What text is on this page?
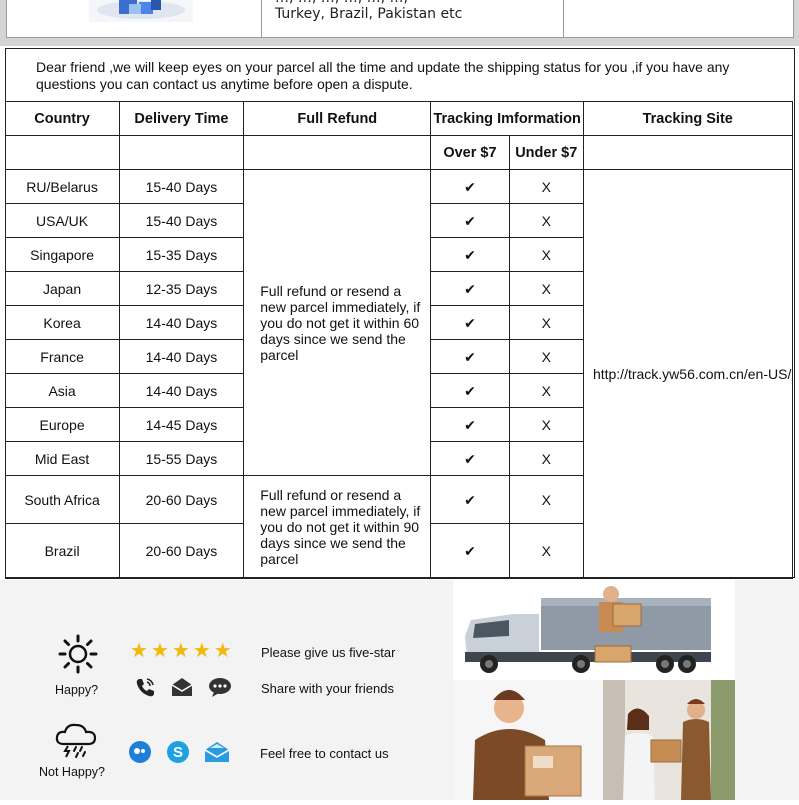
Turkey, Brazil, Pakistan etc
Dear friend ,we will keep eyes on your parcel all the time and update the shipping status for you ,if you have any questions you can contact us anytime before open a dispute.
Country	Delivery Time	Full Refund	Tracking Imformation		Tracking Site
			Over $7	Under $7	
RU/Belarus	15-40 Days	Full refund or resend a new parcel immediately, if you do not get it within 60 days since we send the parcel	✔	X	http://track.yw56.com.cn/en-US/
USA/UK	15-40 Days		✔	X	
Singapore	15-35 Days		✔	X	
Japan	12-35 Days		✔	X	
Korea	14-40 Days		✔	X	
France	14-40 Days		✔	X	
Asia	14-40 Days		✔	X	
Europe	14-45 Days		✔	X	
Mid East	15-55 Days		✔	X	
South Africa	20-60 Days	Full refund or resend a new parcel immediately, if you do not get it within 90 days since we send the parcel	✔	X	
Brazil	20-60 Days		✔	X	
Happy?
Not Happy?
★ ★ ★ ★ ★ Please give us five-star
Share with your friends
S	Feel free to contact us
